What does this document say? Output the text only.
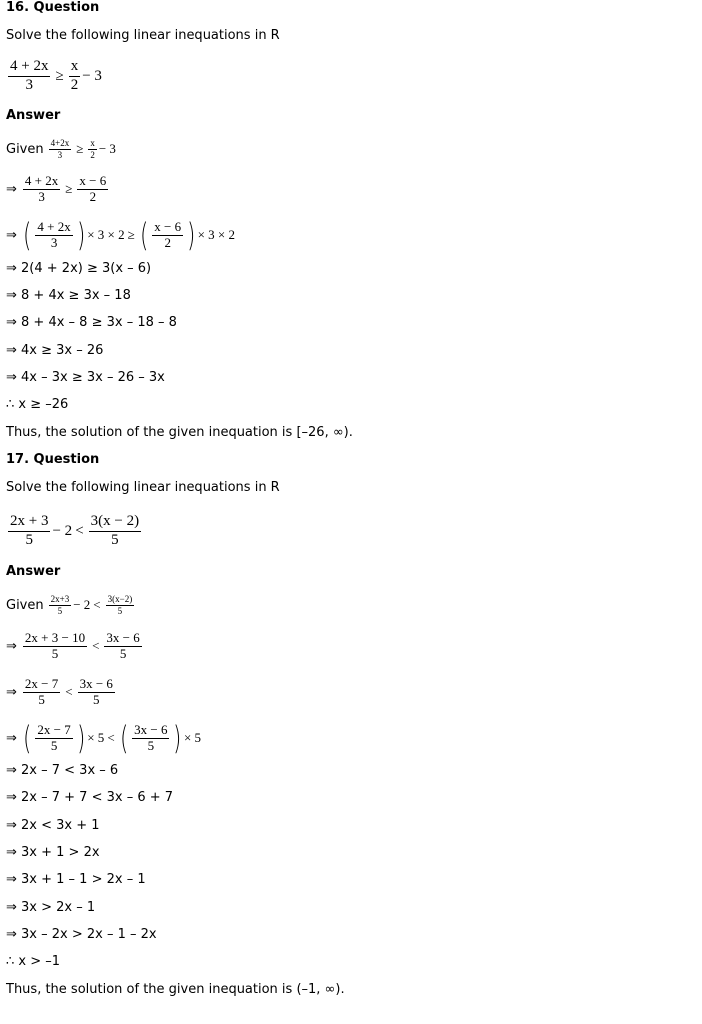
16. Question
Solve the following linear inequations in R
$\frac{4 + 2x}{3} \ge \frac{x}{2} - 3$
Answer
Given $\frac{4+2x}{3} \ge \frac{x}{2} - 3$
⇒ $\frac{4 + 2x}{3} \ge \frac{x - 6}{2}$
⇒ ( $\frac{4 + 2x}{3}$ ) × 3 × 2 ≥ ( $\frac{x - 6}{2}$ ) × 3 × 2
⇒ 2(4 + 2x) ≥ 3(x – 6)
⇒ 8 + 4x ≥ 3x – 18
⇒ 8 + 4x – 8 ≥ 3x – 18 – 8
⇒ 4x ≥ 3x – 26
⇒ 4x – 3x ≥ 3x – 26 – 3x
∴ x ≥ –26
Thus, the solution of the given inequation is [–26, ∞).
17. Question
Solve the following linear inequations in R
$\frac{2x + 3}{5} - 2 < \frac{3(x - 2)}{5}$
Answer
Given $\frac{2x+3}{5} - 2 < \frac{3(x-2)}{5}$
⇒ $\frac{2x + 3 - 10}{5} < \frac{3x - 6}{5}$
⇒ $\frac{2x - 7}{5} < \frac{3x - 6}{5}$
⇒ ( $\frac{2x - 7}{5}$ ) × 5 < ( $\frac{3x - 6}{5}$ ) × 5
⇒ 2x – 7 < 3x – 6
⇒ 2x – 7 + 7 < 3x – 6 + 7
⇒ 2x < 3x + 1
⇒ 3x + 1 > 2x
⇒ 3x + 1 – 1 > 2x – 1
⇒ 3x > 2x – 1
⇒ 3x – 2x > 2x – 1 – 2x
∴ x > –1
Thus, the solution of the given inequation is (–1, ∞).
